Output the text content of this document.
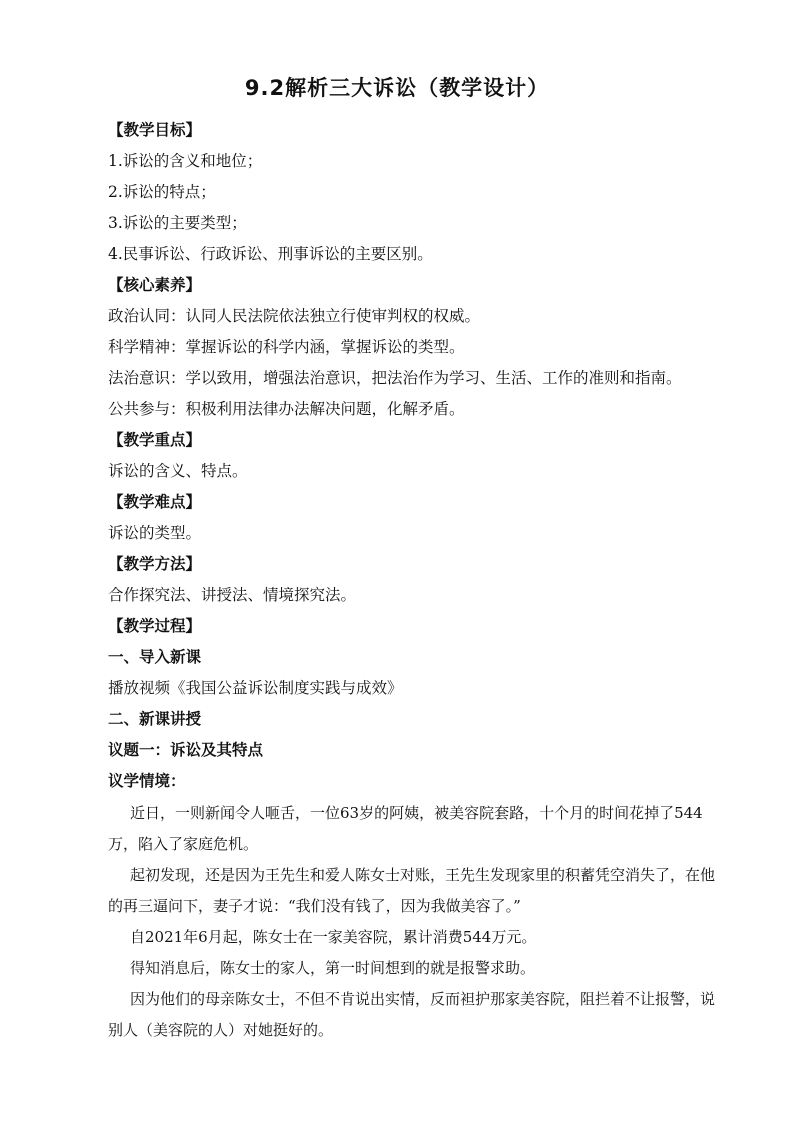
9.2解析三大诉讼（教学设计）
【教学目标】
1.诉讼的含义和地位；
2.诉讼的特点；
3.诉讼的主要类型；
4.民事诉讼、行政诉讼、刑事诉讼的主要区别。
【核心素养】
政治认同：认同人民法院依法独立行使审判权的权威。
科学精神：掌握诉讼的科学内涵，掌握诉讼的类型。
法治意识：学以致用，增强法治意识，把法治作为学习、生活、工作的准则和指南。
公共参与：积极利用法律办法解决问题，化解矛盾。
【教学重点】
诉讼的含义、特点。
【教学难点】
诉讼的类型。
【教学方法】
合作探究法、讲授法、情境探究法。
【教学过程】
一、导入新课
播放视频《我国公益诉讼制度实践与成效》
二、新课讲授
议题一：诉讼及其特点
议学情境：
近日，一则新闻令人咂舌，一位63岁的阿姨，被美容院套路，十个月的时间花掉了544万，陷入了家庭危机。
起初发现，还是因为王先生和爱人陈女士对账，王先生发现家里的积蓄凭空消失了，在他的再三逼问下，妻子才说：“我们没有钱了，因为我做美容了。”
自2021年6月起，陈女士在一家美容院，累计消费544万元。
得知消息后，陈女士的家人，第一时间想到的就是报警求助。
因为他们的母亲陈女士，不但不肯说出实情，反而袒护那家美容院，阻拦着不让报警，说别人（美容院的人）对她挺好的。
